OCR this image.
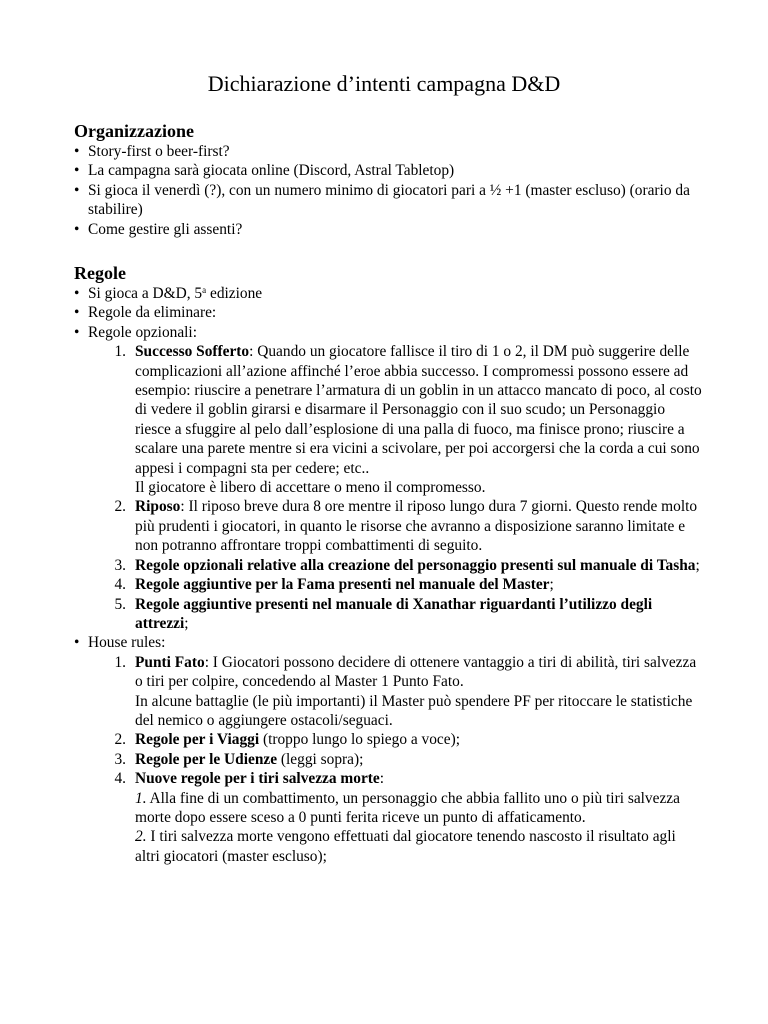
Dichiarazione d’intenti campagna D&D
Organizzazione
• Story-first o beer-first?
• La campagna sarà giocata online (Discord, Astral Tabletop)
• Si gioca il venerdì (?), con un numero minimo di giocatori pari a ½ +1 (master escluso) (orario da stabilire)
• Come gestire gli assenti?
Regole
• Si gioca a D&D, 5$^a$ edizione
• Regole da eliminare:
• Regole opzionali:
1. Successo Sofferto: Quando un giocatore fallisce il tiro di 1 o 2, il DM può suggerire delle complicazioni all’azione affinché l’eroe abbia successo. I compromessi possono essere ad esempio: riuscire a penetrare l’armatura di un goblin in un attacco mancato di poco, al costo di vedere il goblin girarsi e disarmare il Personaggio con il suo scudo; un Personaggio riesce a sfuggire al pelo dall’esplosione di una palla di fuoco, ma finisce prono; riuscire a scalare una parete mentre si era vicini a scivolare, per poi accorgersi che la corda a cui sono appesi i compagni sta per cedere; etc..
Il giocatore è libero di accettare o meno il compromesso.
2. Riposo: Il riposo breve dura 8 ore mentre il riposo lungo dura 7 giorni. Questo rende molto più prudenti i giocatori, in quanto le risorse che avranno a disposizione saranno limitate e non potranno affrontare troppi combattimenti di seguito.
3. Regole opzionali relative alla creazione del personaggio presenti sul manuale di Tasha;
4. Regole aggiuntive per la Fama presenti nel manuale del Master;
5. Regole aggiuntive presenti nel manuale di Xanathar riguardanti l’utilizzo degli attrezzi;
• House rules:
1. Punti Fato: I Giocatori possono decidere di ottenere vantaggio a tiri di abilità, tiri salvezza o tiri per colpire, concedendo al Master 1 Punto Fato.
In alcune battaglie (le più importanti) il Master può spendere PF per ritoccare le statistiche del nemico o aggiungere ostacoli/seguaci.
2. Regole per i Viaggi (troppo lungo lo spiego a voce);
3. Regole per le Udienze (leggi sopra);
4. Nuove regole per i tiri salvezza morte:
1. Alla fine di un combattimento, un personaggio che abbia fallito uno o più tiri salvezza morte dopo essere sceso a 0 punti ferita riceve un punto di affaticamento.
2. I tiri salvezza morte vengono effettuati dal giocatore tenendo nascosto il risultato agli altri giocatori (master escluso);
